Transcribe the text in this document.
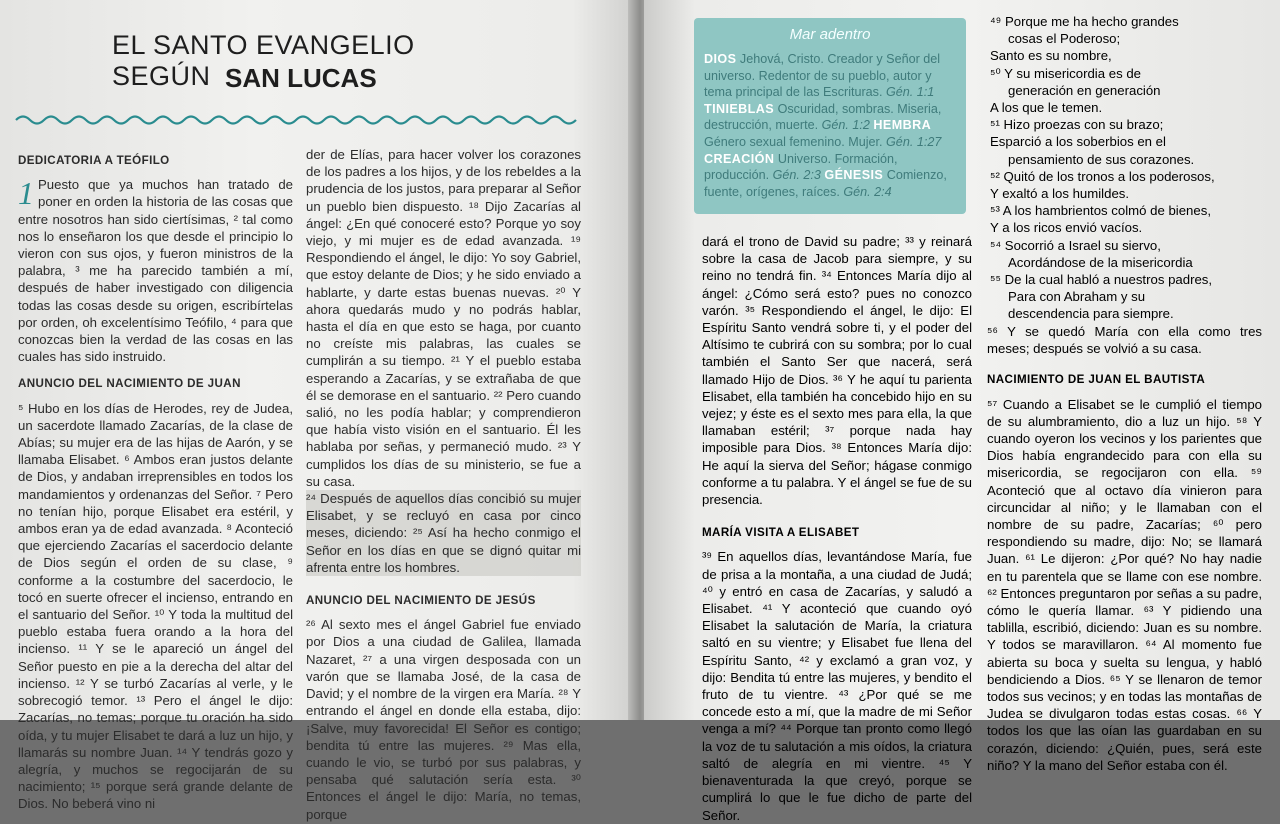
EL SANTO EVANGELIO SEGÚN SAN LUCAS

DEDICATORIA A TEÓFILO

1 Puesto que ya muchos han tratado de poner en orden la historia de las cosas que entre nosotros han sido ciertísimas, ² tal como nos lo enseñaron los que desde el principio lo vieron con sus ojos, y fueron ministros de la palabra, ³ me ha parecido también a mí, después de haber investigado con diligencia todas las cosas desde su origen, escribírtelas por orden, oh excelentísimo Teófilo, ⁴ para que conozcas bien la verdad de las cosas en las cuales has sido instruido.

ANUNCIO DEL NACIMIENTO DE JUAN

⁵ Hubo en los días de Herodes, rey de Judea, un sacerdote llamado Zacarías, de la clase de Abías; su mujer era de las hijas de Aarón, y se llamaba Elisabet. ⁶ Ambos eran justos delante de Dios, y andaban irreprensibles en todos los mandamientos y ordenanzas del Señor. ⁷ Pero no tenían hijo, porque Elisabet era estéril, y ambos eran ya de edad avanzada. ⁸ Aconteció que ejerciendo Zacarías el sacerdocio delante de Dios según el orden de su clase, ⁹ conforme a la costumbre del sacerdocio, le tocó en suerte ofrecer el incienso, entrando en el santuario del Señor. ¹⁰ Y toda la multitud del pueblo estaba fuera orando a la hora del incienso. ¹¹ Y se le apareció un ángel del Señor puesto en pie a la derecha del altar del incienso. ¹² Y se turbó Zacarías al verle, y le sobrecogió temor. ¹³ Pero el ángel le dijo: Zacarías, no temas; porque tu oración ha sido oída, y tu mujer Elisabet te dará a luz un hijo, y llamarás su nombre Juan. ¹⁴ Y tendrás gozo y alegría, y muchos se regocijarán de su nacimiento; ¹⁵ porque será grande delante de Dios. No beberá vino ni

der de Elías, para hacer volver los corazones de los padres a los hijos, y de los rebeldes a la prudencia de los justos, para preparar al Señor un pueblo bien dispuesto. ¹⁸ Dijo Zacarías al ángel: ¿En qué conoceré esto? Porque yo soy viejo, y mi mujer es de edad avanzada. ¹⁹ Respondiendo el ángel, le dijo: Yo soy Gabriel, que estoy delante de Dios; y he sido enviado a hablarte, y darte estas buenas nuevas. ²⁰ Y ahora quedarás mudo y no podrás hablar, hasta el día en que esto se haga, por cuanto no creíste mis palabras, las cuales se cumplirán a su tiempo. ²¹ Y el pueblo estaba esperando a Zacarías, y se extrañaba de que él se demorase en el santuario. ²² Pero cuando salió, no les podía hablar; y comprendieron que había visto visión en el santuario. Él les hablaba por señas, y permaneció mudo. ²³ Y cumplidos los días de su ministerio, se fue a su casa.

²⁴ Después de aquellos días concibió su mujer Elisabet, y se recluyó en casa por cinco meses, diciendo: ²⁵ Así ha hecho conmigo el Señor en los días en que se dignó quitar mi afrenta entre los hombres.

ANUNCIO DEL NACIMIENTO DE JESÚS

²⁶ Al sexto mes el ángel Gabriel fue enviado por Dios a una ciudad de Galilea, llamada Nazaret, ²⁷ a una virgen desposada con un varón que se llamaba José, de la casa de David; y el nombre de la virgen era María. ²⁸ Y entrando el ángel en donde ella estaba, dijo: ¡Salve, muy favorecida! El Señor es contigo; bendita tú entre las mujeres. ²⁹ Mas ella, cuando le vio, se turbó por sus palabras, y pensaba qué salutación sería esta. ³⁰ Entonces el ángel le dijo: María, no temas, porque

Mar adentro
DIOS Jehová, Cristo. Creador y Señor del universo. Redentor de su pueblo, autor y tema principal de las Escrituras. Gén. 1:1 TINIEBLAS Oscuridad, sombras. Miseria, destrucción, muerte. Gén. 1:2 HEMBRA Género sexual femenino. Mujer. Gén. 1:27 CREACIÓN Universo. Formación, producción. Gén. 2:3 GÉNESIS Comienzo, fuente, orígenes, raíces. Gén. 2:4

dará el trono de David su padre; ³³ y reinará sobre la casa de Jacob para siempre, y su reino no tendrá fin. ³⁴ Entonces María dijo al ángel: ¿Cómo será esto? pues no conozco varón. ³⁵ Respondiendo el ángel, le dijo: El Espíritu Santo vendrá sobre ti, y el poder del Altísimo te cubrirá con su sombra; por lo cual también el Santo Ser que nacerá, será llamado Hijo de Dios. ³⁶ Y he aquí tu parienta Elisabet, ella también ha concebido hijo en su vejez; y éste es el sexto mes para ella, la que llamaban estéril; ³⁷ porque nada hay imposible para Dios. ³⁸ Entonces María dijo: He aquí la sierva del Señor; hágase conmigo conforme a tu palabra. Y el ángel se fue de su presencia.

MARÍA VISITA A ELISABET

³⁹ En aquellos días, levantándose María, fue de prisa a la montaña, a una ciudad de Judá; ⁴⁰ y entró en casa de Zacarías, y saludó a Elisabet. ⁴¹ Y aconteció que cuando oyó Elisabet la salutación de María, la criatura saltó en su vientre; y Elisabet fue llena del Espíritu Santo, ⁴² y exclamó a gran voz, y dijo: Bendita tú entre las mujeres, y bendito el fruto de tu vientre. ⁴³ ¿Por qué se me concede esto a mí, que la madre de mi Señor venga a mí? ⁴⁴ Porque tan pronto como llegó la voz de tu salutación a mis oídos, la criatura saltó de alegría en mi vientre. ⁴⁵ Y bienaventurada la que creyó, porque se cumplirá lo que le fue dicho de parte del Señor.

⁴⁹ Porque me ha hecho grandes
cosas el Poderoso;
Santo es su nombre,
⁵⁰ Y su misericordia es de
generación en generación
A los que le temen.
⁵¹ Hizo proezas con su brazo;
Esparció a los soberbios en el
pensamiento de sus corazones.
⁵² Quitó de los tronos a los poderosos,
Y exaltó a los humildes.
⁵³ A los hambrientos colmó de bienes,
Y a los ricos envió vacíos.
⁵⁴ Socorrió a Israel su siervo,
Acordándose de la misericordia
⁵⁵ De la cual habló a nuestros padres,
Para con Abraham y su
descendencia para siempre.

⁵⁶ Y se quedó María con ella como tres meses; después se volvió a su casa.

NACIMIENTO DE JUAN EL BAUTISTA

⁵⁷ Cuando a Elisabet se le cumplió el tiempo de su alumbramiento, dio a luz un hijo. ⁵⁸ Y cuando oyeron los vecinos y los parientes que Dios había engrandecido para con ella su misericordia, se regocijaron con ella. ⁵⁹ Aconteció que al octavo día vinieron para circuncidar al niño; y le llamaban con el nombre de su padre, Zacarías; ⁶⁰ pero respondiendo su madre, dijo: No; se llamará Juan. ⁶¹ Le dijeron: ¿Por qué? No hay nadie en tu parentela que se llame con ese nombre. ⁶² Entonces preguntaron por señas a su padre, cómo le quería llamar. ⁶³ Y pidiendo una tablilla, escribió, diciendo: Juan es su nombre. Y todos se maravillaron. ⁶⁴ Al momento fue abierta su boca y suelta su lengua, y habló bendiciendo a Dios. ⁶⁵ Y se llenaron de temor todos sus vecinos; y en todas las montañas de Judea se divulgaron todas estas cosas. ⁶⁶ Y todos los que las oían las guardaban en su corazón, diciendo: ¿Quién, pues, será este niño? Y la mano del Señor estaba con él.
